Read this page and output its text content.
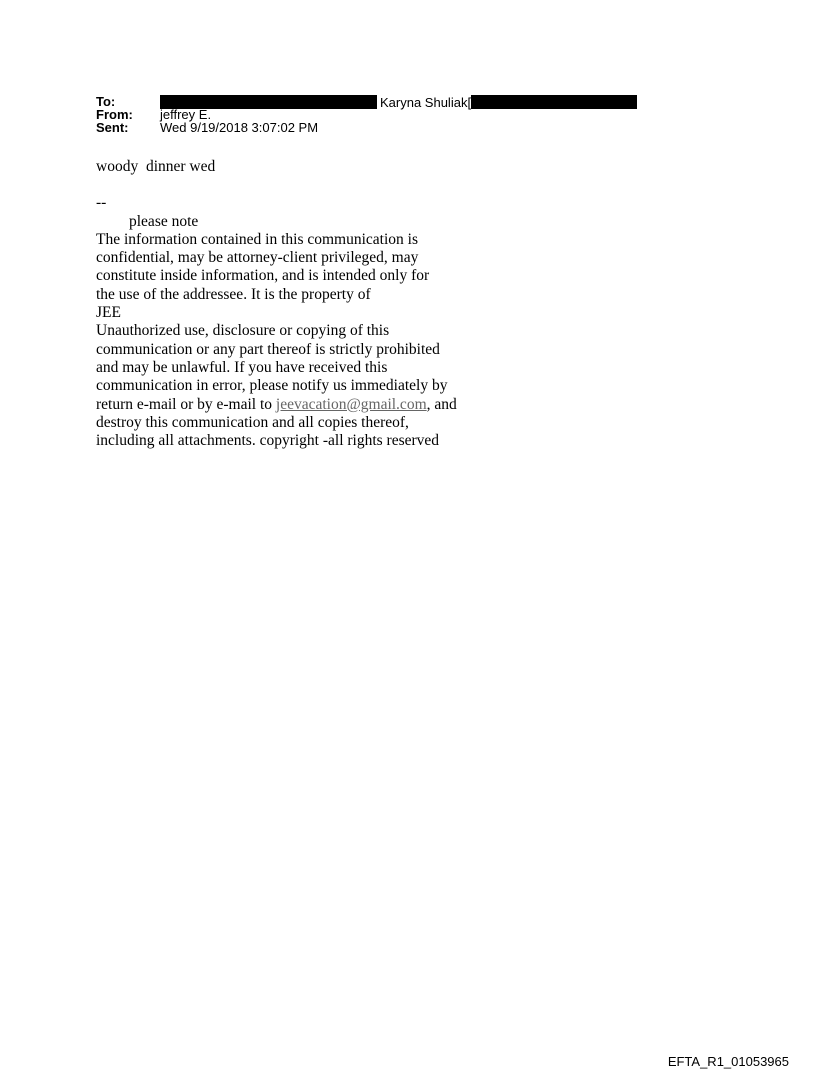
To:	Karyna Shuliak[
From: jeffrey E.
Sent: Wed 9/19/2018 3:07:02 PM
woody  dinner wed
--
please note
The information contained in this communication is
confidential, may be attorney-client privileged, may
constitute inside information, and is intended only for
the use of the addressee. It is the property of
JEE
Unauthorized use, disclosure or copying of this
communication or any part thereof is strictly prohibited
and may be unlawful. If you have received this
communication in error, please notify us immediately by
return e-mail or by e-mail to jeevacation@gmail.com, and
destroy this communication and all copies thereof,
including all attachments. copyright -all rights reserved
EFTA_R1_01053965
